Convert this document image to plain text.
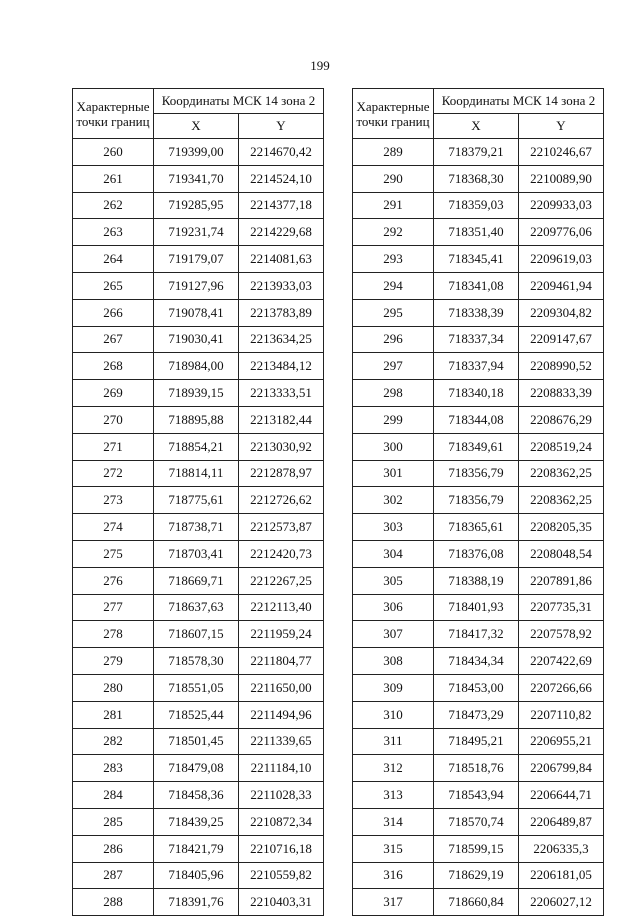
199
Характерные точки границ	Координаты МСК 14 зона 2	
	X	Y
260	719399,00	2214670,42
261	719341,70	2214524,10
262	719285,95	2214377,18
263	719231,74	2214229,68
264	719179,07	2214081,63
265	719127,96	2213933,03
266	719078,41	2213783,89
267	719030,41	2213634,25
268	718984,00	2213484,12
269	718939,15	2213333,51
270	718895,88	2213182,44
271	718854,21	2213030,92
272	718814,11	2212878,97
273	718775,61	2212726,62
274	718738,71	2212573,87
275	718703,41	2212420,73
276	718669,71	2212267,25
277	718637,63	2212113,40
278	718607,15	2211959,24
279	718578,30	2211804,77
280	718551,05	2211650,00
281	718525,44	2211494,96
282	718501,45	2211339,65
283	718479,08	2211184,10
284	718458,36	2211028,33
285	718439,25	2210872,34
286	718421,79	2210716,18
287	718405,96	2210559,82
288	718391,76	2210403,31
Характерные точки границ	Координаты МСК 14 зона 2	
	X	Y
289	718379,21	2210246,67
290	718368,30	2210089,90
291	718359,03	2209933,03
292	718351,40	2209776,06
293	718345,41	2209619,03
294	718341,08	2209461,94
295	718338,39	2209304,82
296	718337,34	2209147,67
297	718337,94	2208990,52
298	718340,18	2208833,39
299	718344,08	2208676,29
300	718349,61	2208519,24
301	718356,79	2208362,25
302	718356,79	2208362,25
303	718365,61	2208205,35
304	718376,08	2208048,54
305	718388,19	2207891,86
306	718401,93	2207735,31
307	718417,32	2207578,92
308	718434,34	2207422,69
309	718453,00	2207266,66
310	718473,29	2207110,82
311	718495,21	2206955,21
312	718518,76	2206799,84
313	718543,94	2206644,71
314	718570,74	2206489,87
315	718599,15	2206335,3
316	718629,19	2206181,05
317	718660,84	2206027,12
